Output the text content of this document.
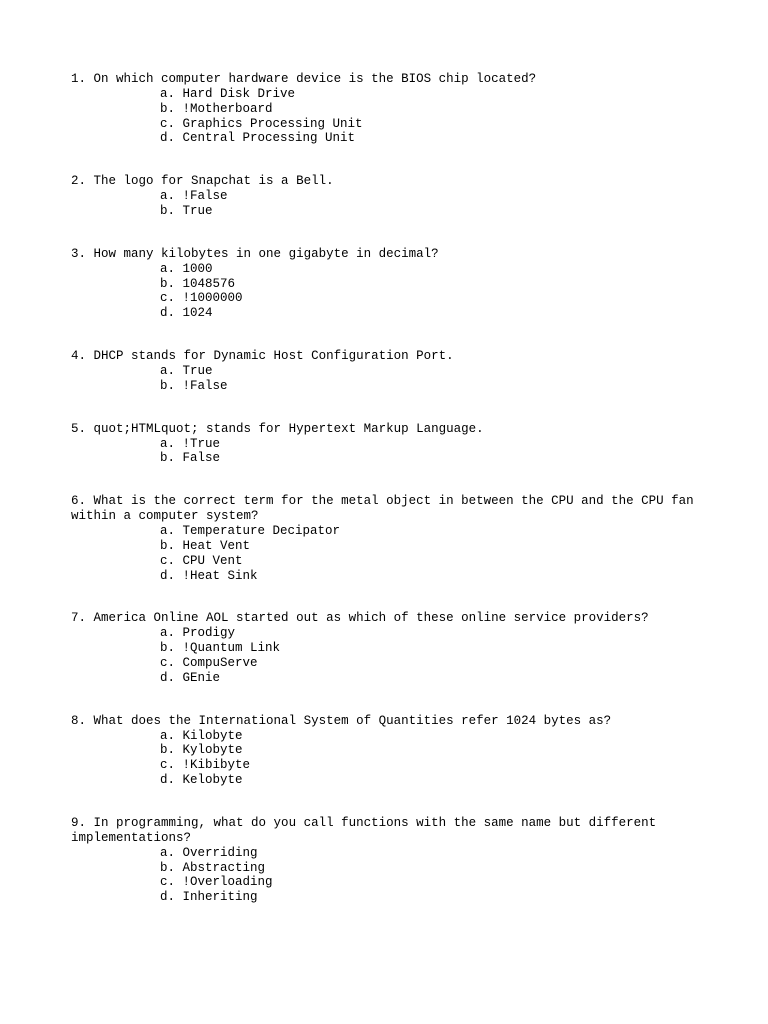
1. On which computer hardware device is the BIOS chip located?
a. Hard Disk Drive
b. !Motherboard
c. Graphics Processing Unit
d. Central Processing Unit
2. The logo for Snapchat is a Bell.
a. !False
b. True
3. How many kilobytes in one gigabyte in decimal?
a. 1000
b. 1048576
c. !1000000
d. 1024
4. DHCP stands for Dynamic Host Configuration Port.
a. True
b. !False
5. quot;HTMLquot; stands for Hypertext Markup Language.
a. !True
b. False
6. What is the correct term for the metal object in between the CPU and the CPU fan within a computer system?
a. Temperature Decipator
b. Heat Vent
c. CPU Vent
d. !Heat Sink
7. America Online AOL started out as which of these online service providers?
a. Prodigy
b. !Quantum Link
c. CompuServe
d. GEnie
8. What does the International System of Quantities refer 1024 bytes as?
a. Kilobyte
b. Kylobyte
c. !Kibibyte
d. Kelobyte
9. In programming, what do you call functions with the same name but different implementations?
a. Overriding
b. Abstracting
c. !Overloading
d. Inheriting
